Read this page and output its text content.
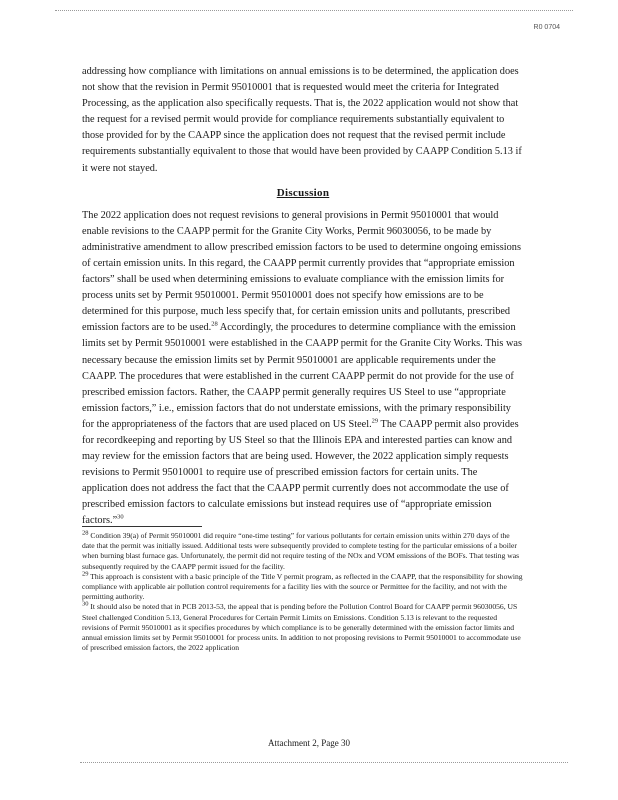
R0 0704

addressing how compliance with limitations on annual emissions is to be determined, the application does not show that the revision in Permit 95010001 that is requested would meet the criteria for Integrated Processing, as the application also specifically requests. That is, the 2022 application would not show that the request for a revised permit would provide for compliance requirements substantially equivalent to those provided for by the CAAPP since the application does not request that the revised permit include requirements substantially equivalent to those that would have been provided by CAAPP Condition 5.13 if it were not stayed.

Discussion

The 2022 application does not request revisions to general provisions in Permit 95010001 that would enable revisions to the CAAPP permit for the Granite City Works, Permit 96030056, to be made by administrative amendment to allow prescribed emission factors to be used to determine ongoing emissions of certain emission units. In this regard, the CAAPP permit currently provides that “appropriate emission factors” shall be used when determining emissions to evaluate compliance with the emission limits for process units set by Permit 95010001. Permit 95010001 does not specify how emissions are to be determined for this purpose, much less specify that, for certain emission units and pollutants, prescribed emission factors are to be used.$^{28}$ Accordingly, the procedures to determine compliance with the emission limits set by Permit 95010001 were established in the CAAPP permit for the Granite City Works. This was necessary because the emission limits set by Permit 95010001 are applicable requirements under the CAAPP. The procedures that were established in the current CAAPP permit do not provide for the use of prescribed emission factors. Rather, the CAAPP permit generally requires US Steel to use “appropriate emission factors,” i.e., emission factors that do not understate emissions, with the primary responsibility for the appropriateness of the factors that are used placed on US Steel.$^{29}$ The CAAPP permit also provides for recordkeeping and reporting by US Steel so that the Illinois EPA and interested parties can know and may review for the emission factors that are being used. However, the 2022 application simply requests revisions to Permit 95010001 to require use of prescribed emission factors for certain units. The application does not address the fact that the CAAPP permit currently does not accommodate the use of prescribed emission factors to calculate emissions but instead requires use of “appropriate emission factors.”$^{30}$

$^{28}$ Condition 39(a) of Permit 95010001 did require “one-time testing” for various pollutants for certain emission units within 270 days of the date that the permit was initially issued. Additional tests were subsequently provided to complete testing for the particular emissions of a boiler when burning blast furnace gas. Unfortunately, the permit did not require testing of the NOx and VOM emissions of the BOFs. That testing was subsequently required by the CAAPP permit issued for the facility.

$^{29}$ This approach is consistent with a basic principle of the Title V permit program, as reflected in the CAAPP, that the responsibility for showing compliance with applicable air pollution control requirements for a facility lies with the source or Permittee for the facility, and not with the permitting authority.

$^{30}$ It should also be noted that in PCB 2013-53, the appeal that is pending before the Pollution Control Board for CAAPP permit 96030056, US Steel challenged Condition 5.13, General Procedures for Certain Permit Limits on Emissions. Condition 5.13 is relevant to the requested revisions of Permit 95010001 as it specifies procedures by which compliance is to be generally determined with the emission factor limits and annual emission limits set by Permit 95010001 for process units. In addition to not proposing revisions to Permit 95010001 to accommodate use of prescribed emission factors, the 2022 application

Attachment 2, Page 30
